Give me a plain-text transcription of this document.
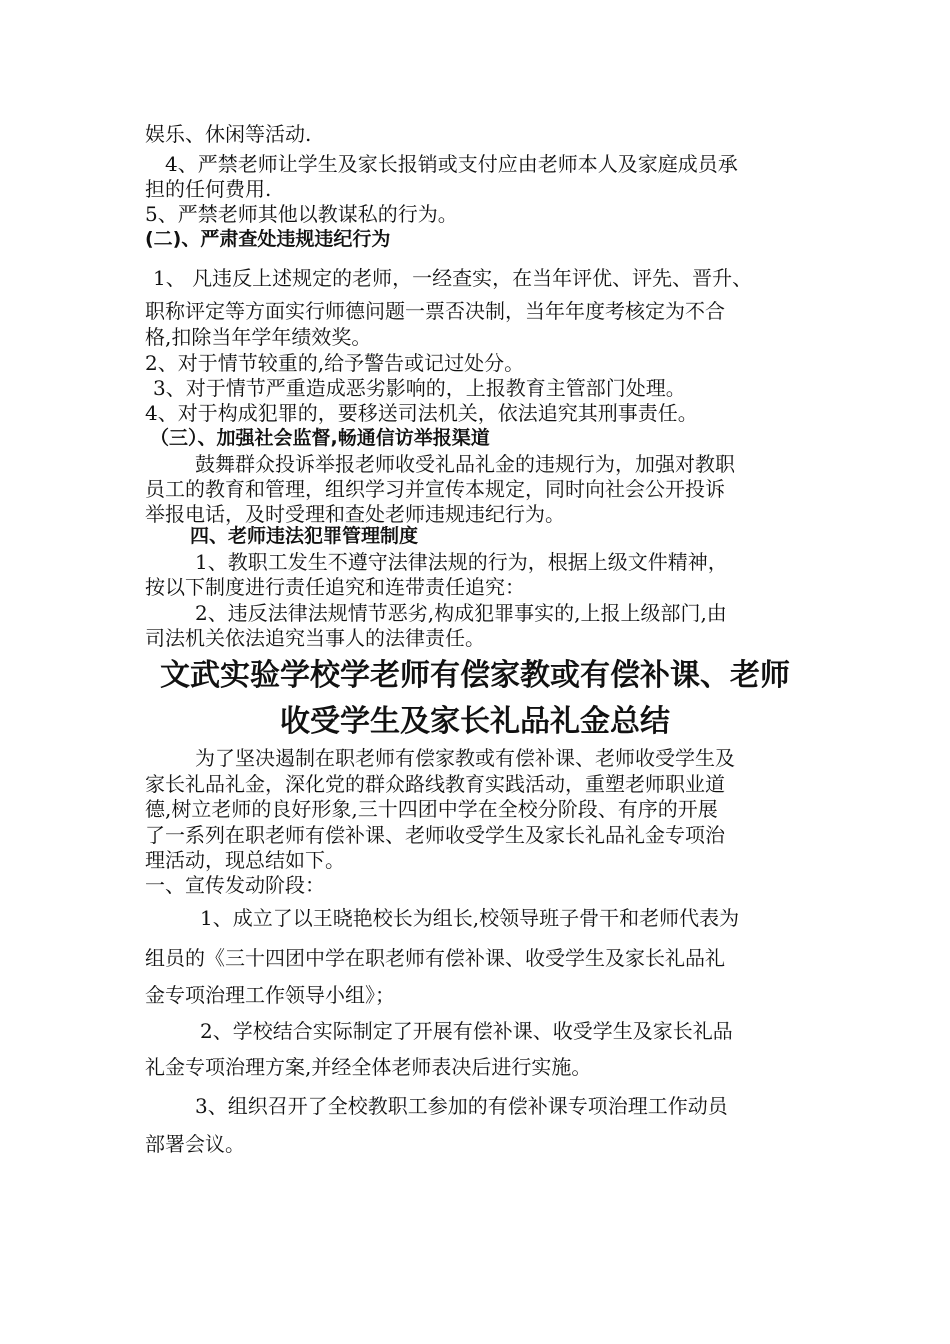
娱乐、休闲等活动.
4、严禁老师让学生及家长报销或支付应由老师本人及家庭成员承
担的任何费用.
5、严禁老师其他以教谋私的行为。
(二)、严肃查处违规违纪行为
1、 凡违反上述规定的老师，一经查实，在当年评优、评先、晋升、
职称评定等方面实行师德问题一票否决制，当年年度考核定为不合
格,扣除当年学年绩效奖。
2、对于情节较重的,给予警告或记过处分。
3、对于情节严重造成恶劣影响的，上报教育主管部门处理。
4、对于构成犯罪的，要移送司法机关，依法追究其刑事责任。
（三）、加强社会监督,畅通信访举报渠道
鼓舞群众投诉举报老师收受礼品礼金的违规行为，加强对教职
员工的教育和管理，组织学习并宣传本规定，同时向社会公开投诉
举报电话，及时受理和查处老师违规违纪行为。
四、老师违法犯罪管理制度
1、教职工发生不遵守法律法规的行为，根据上级文件精神，
按以下制度进行责任追究和连带责任追究：
2、违反法律法规情节恶劣,构成犯罪事实的,上报上级部门,由
司法机关依法追究当事人的法律责任。
文武实验学校学老师有偿家教或有偿补课、老师
收受学生及家长礼品礼金总结
为了坚决遏制在职老师有偿家教或有偿补课、老师收受学生及
家长礼品礼金，深化党的群众路线教育实践活动，重塑老师职业道
德,树立老师的良好形象,三十四团中学在全校分阶段、有序的开展
了一系列在职老师有偿补课、老师收受学生及家长礼品礼金专项治
理活动，现总结如下。
一、宣传发动阶段：
1、成立了以王晓艳校长为组长,校领导班子骨干和老师代表为
组员的《三十四团中学在职老师有偿补课、收受学生及家长礼品礼
金专项治理工作领导小组》；
2、学校结合实际制定了开展有偿补课、收受学生及家长礼品
礼金专项治理方案,并经全体老师表决后进行实施。
3、组织召开了全校教职工参加的有偿补课专项治理工作动员
部署会议。
